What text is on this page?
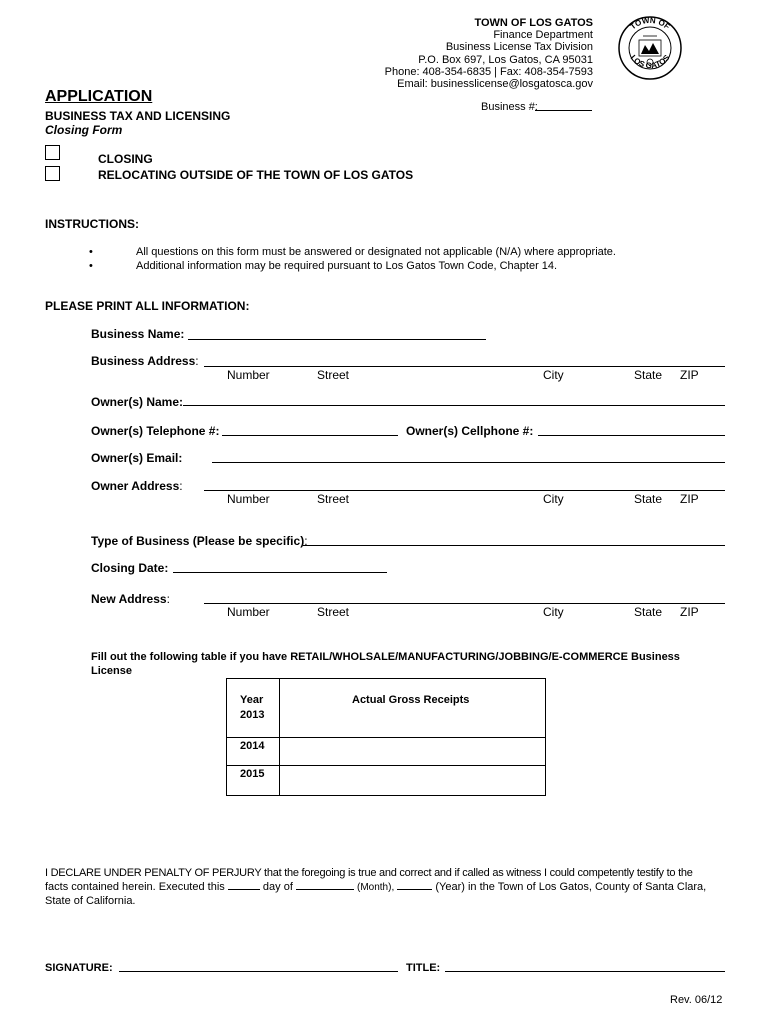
TOWN OF LOS GATOS
Finance Department
Business License Tax Division
P.O. Box 697, Los Gatos, CA 95031
Phone: 408-354-6835 | Fax: 408-354-7593
Email: businesslicense@losgatosca.gov
TOWN OF
LOS GATOS
Business #:
APPLICATION
BUSINESS TAX AND LICENSING
Closing Form
CLOSING
RELOCATING OUTSIDE OF THE TOWN OF LOS GATOS
INSTRUCTIONS:
•	All questions on this form must be answered or designated not applicable (N/A) where appropriate.
•	Additional information may be required pursuant to Los Gatos Town Code, Chapter 14.
PLEASE PRINT ALL INFORMATION:
Business Name:
Business Address:
Number	Street	City	State ZIP
Owner(s) Name:
Owner(s) Telephone #:	Owner(s) Cellphone #:
Owner(s) Email:
Owner Address:
Number	Street	City	State ZIP
Type of Business (Please be specific):
Closing Date:
New Address:
Number	Street	City	State ZIP
Fill out the following table if you have RETAIL/WHOLSALE/MANUFACTURING/JOBBING/E-COMMERCE Business License
Year	Actual Gross Receipts
2013
2014
2015
I DECLARE UNDER PENALTY OF PERJURY that the foregoing is true and correct and if called as witness I could competently testify to the
facts contained herein. Executed this	day of	(Month),	(Year) in the Town of Los Gatos, County of Santa Clara,
State of California.
SIGNATURE:	TITLE:
Rev. 06/12
